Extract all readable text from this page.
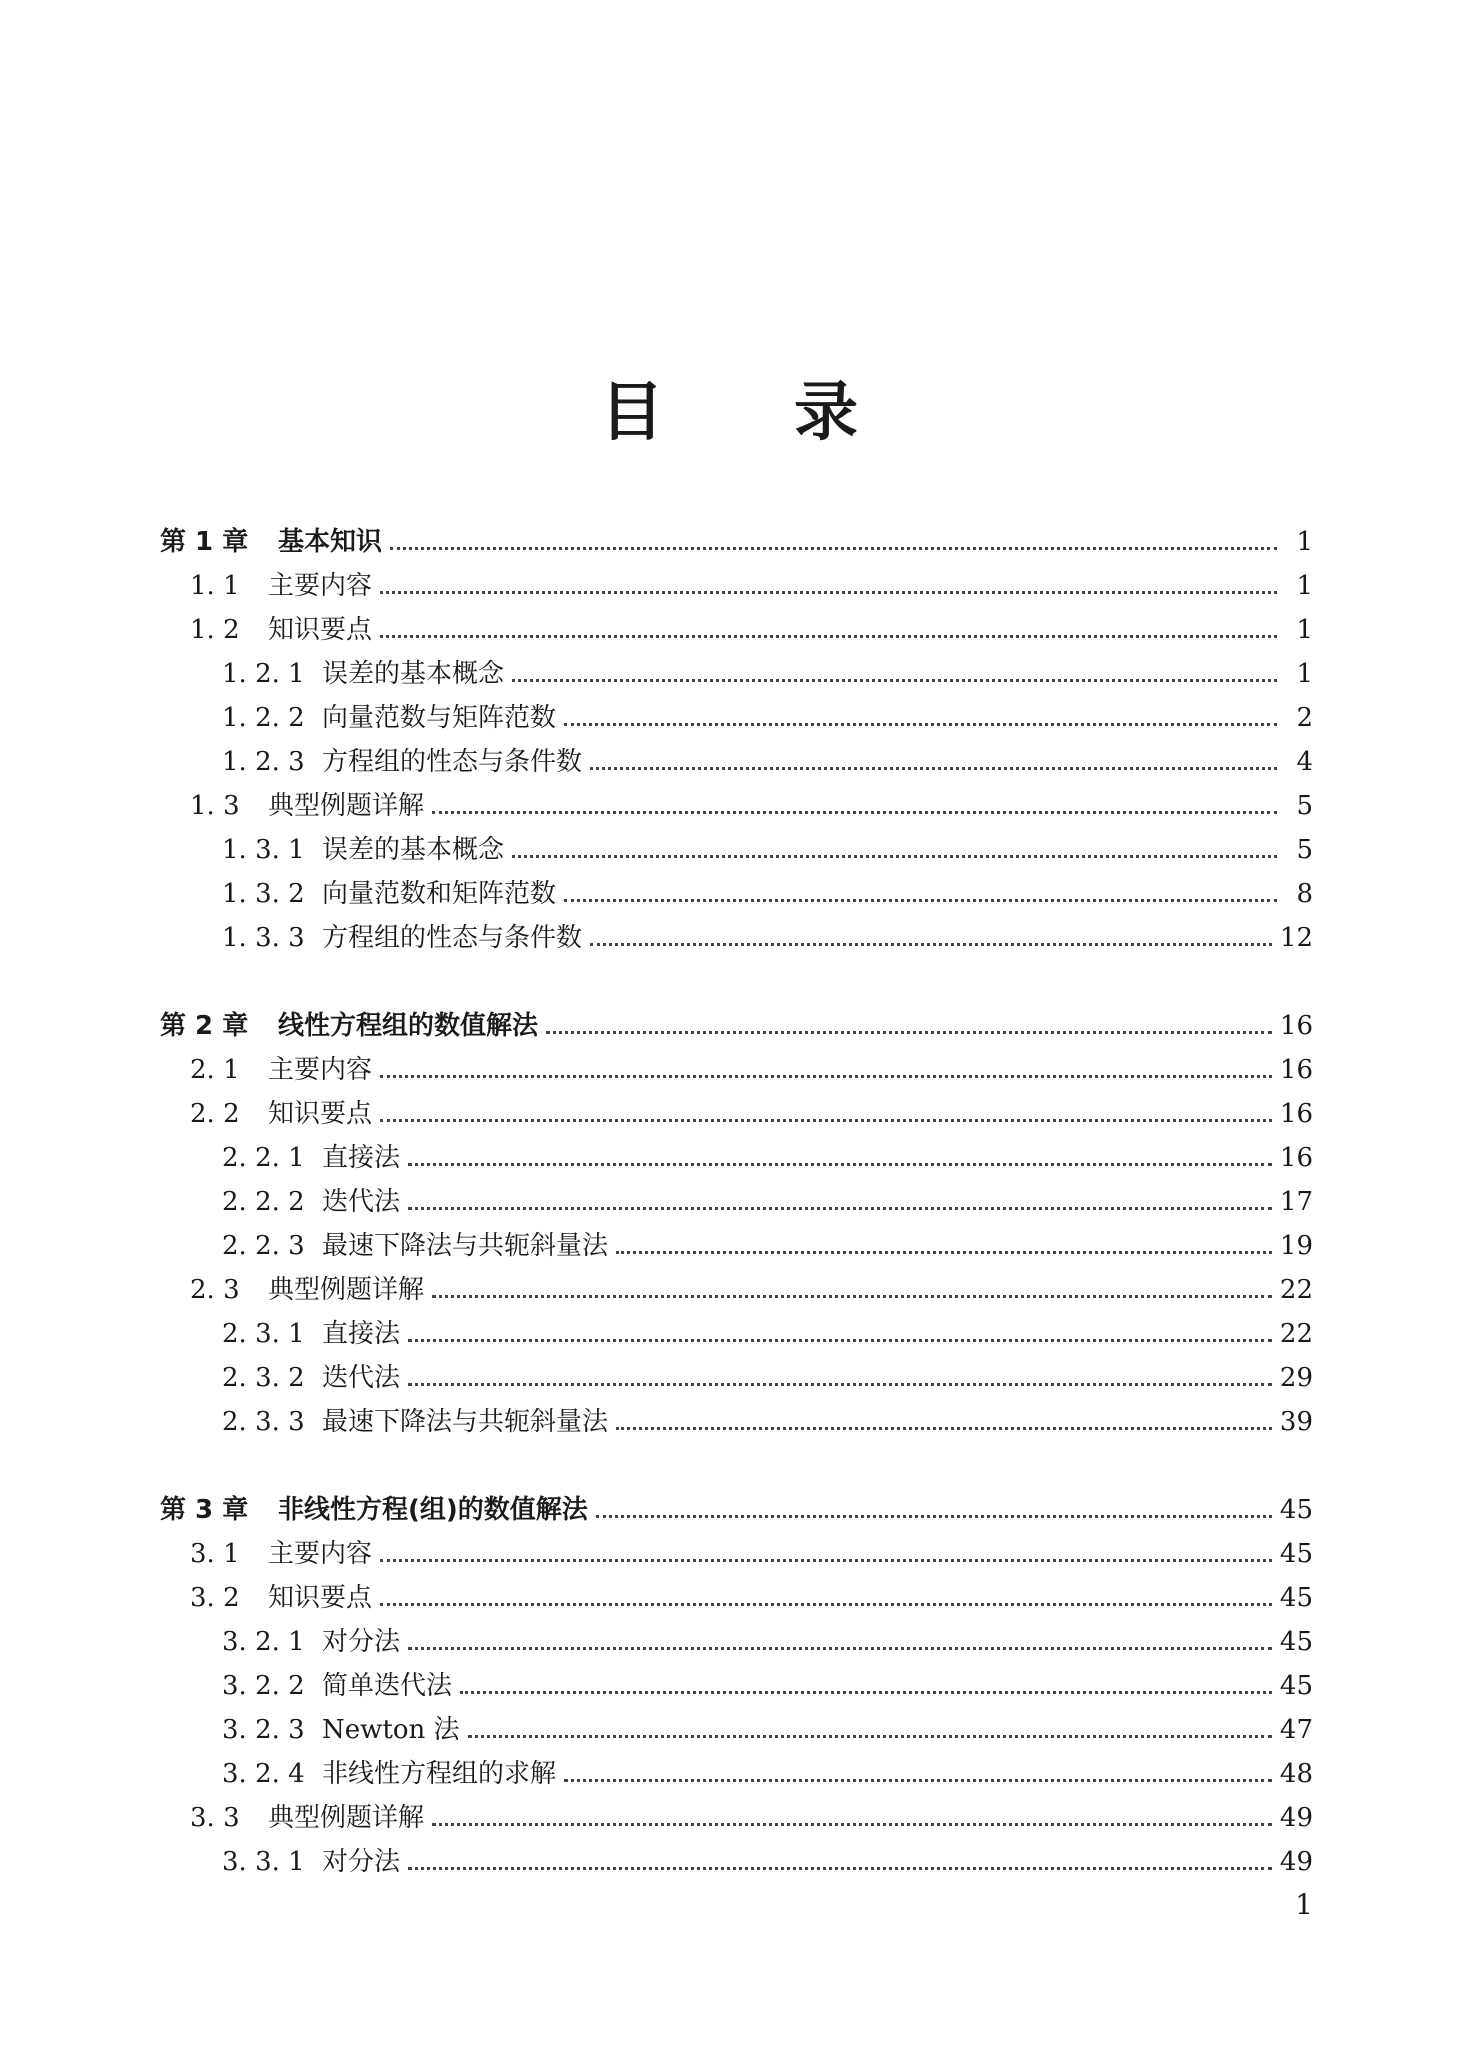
目 录
第 1 章	基本知识	1
1. 1	主要内容	1
1. 2	知识要点	1
1. 2. 1 误差的基本概念	1
1. 2. 2 向量范数与矩阵范数	2
1. 2. 3 方程组的性态与条件数	4
1. 3	典型例题详解	5
1. 3. 1 误差的基本概念	5
1. 3. 2 向量范数和矩阵范数	8
1. 3. 3 方程组的性态与条件数	12
第 2 章	线性方程组的数值解法	16
2. 1	主要内容	16
2. 2	知识要点	16
2. 2. 1 直接法	16
2. 2. 2 迭代法	17
2. 2. 3 最速下降法与共轭斜量法	19
2. 3	典型例题详解	22
2. 3. 1 直接法	22
2. 3. 2 迭代法	29
2. 3. 3 最速下降法与共轭斜量法	39
第 3 章	非线性方程(组)的数值解法	45
3. 1	主要内容	45
3. 2	知识要点	45
3. 2. 1 对分法	45
3. 2. 2 简单迭代法	45
3. 2. 3 Newton 法	47
3. 2. 4 非线性方程组的求解	48
3. 3	典型例题详解	49
3. 3. 1 对分法	49
1
